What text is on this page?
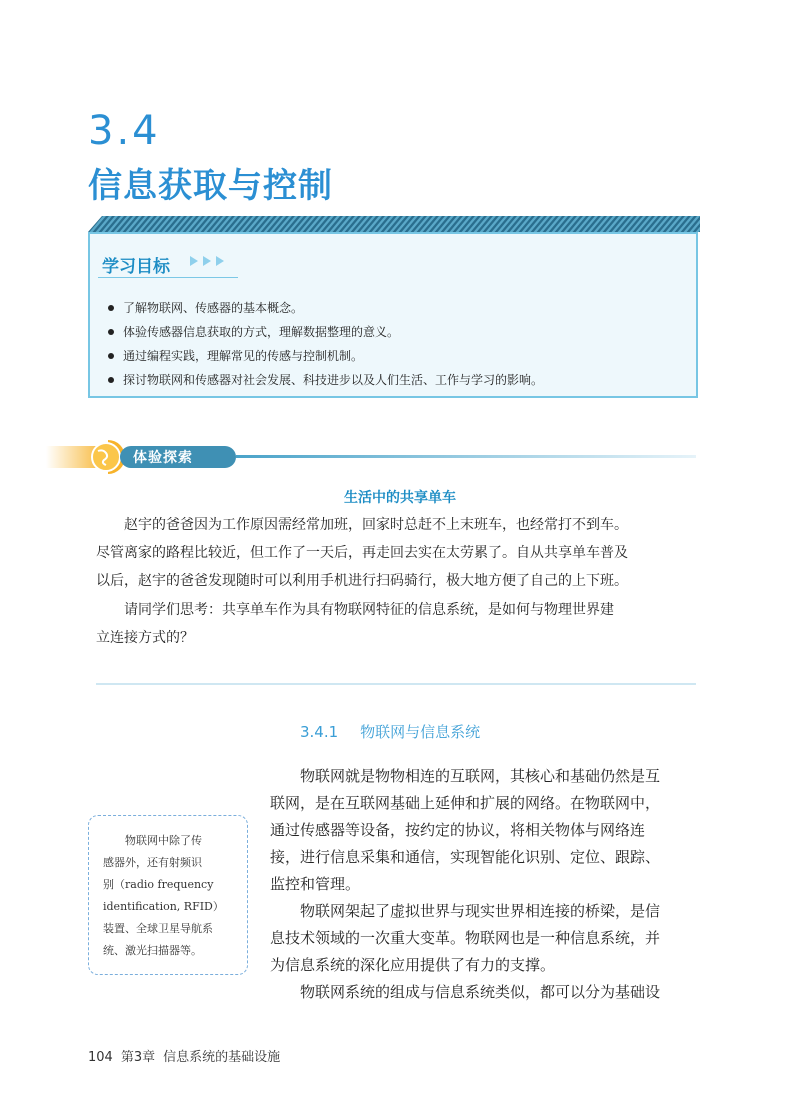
3.4
信息获取与控制
学习目标
了解物联网、传感器的基本概念。
体验传感器信息获取的方式，理解数据整理的意义。
通过编程实践，理解常见的传感与控制机制。
探讨物联网和传感器对社会发展、科技进步以及人们生活、工作与学习的影响。
体验探索
生活中的共享单车
赵宇的爸爸因为工作原因需经常加班，回家时总赶不上末班车，也经常打不到车。
尽管离家的路程比较近，但工作了一天后，再走回去实在太劳累了。自从共享单车普及
以后，赵宇的爸爸发现随时可以利用手机进行扫码骑行，极大地方便了自己的上下班。
请同学们思考：共享单车作为具有物联网特征的信息系统，是如何与物理世界建
立连接方式的？
3.4.1 物联网与信息系统
物联网中除了传
感器外，还有射频识
别（radio frequency
identification, RFID）
装置、全球卫星导航系
统、激光扫描器等。
物联网就是物物相连的互联网，其核心和基础仍然是互
联网，是在互联网基础上延伸和扩展的网络。在物联网中，
通过传感器等设备，按约定的协议，将相关物体与网络连
接，进行信息采集和通信，实现智能化识别、定位、跟踪、
监控和管理。
物联网架起了虚拟世界与现实世界相连接的桥梁，是信
息技术领域的一次重大变革。物联网也是一种信息系统，并
为信息系统的深化应用提供了有力的支撑。
物联网系统的组成与信息系统类似，都可以分为基础设
104 第3章 信息系统的基础设施
